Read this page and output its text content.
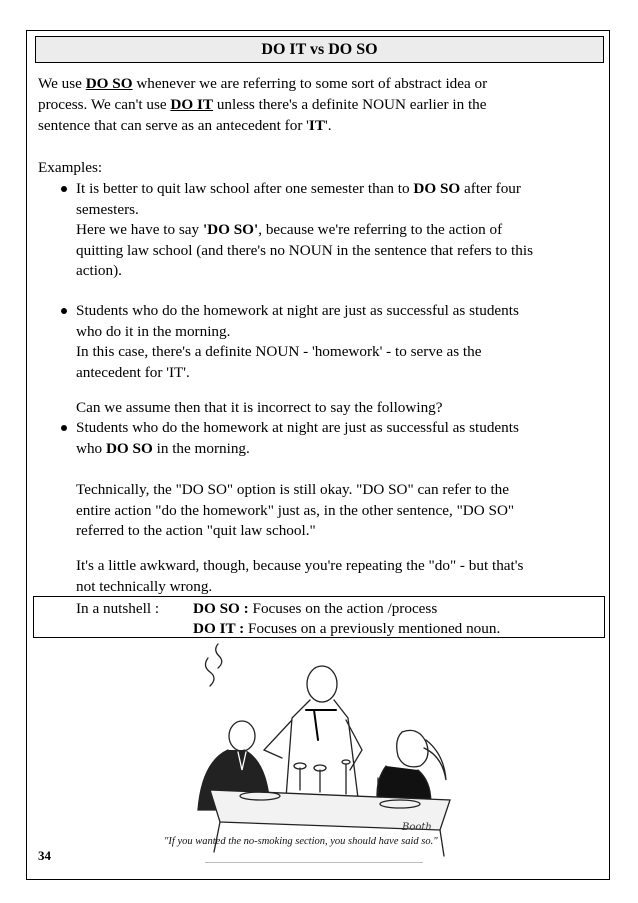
DO IT vs DO SO
We use DO SO whenever we are referring to some sort of abstract idea or
process. We can't use DO IT unless there's a definite NOUN earlier in the
sentence that can serve as an antecedent for 'IT'.
Examples:
It is better to quit law school after one semester than to DO SO after four
semesters.
Here we have to say 'DO SO', because we're referring to the action of
quitting law school (and there's no NOUN in the sentence that refers to this
action).
Students who do the homework at night are just as successful as students
who do it in the morning.
In this case, there's a definite NOUN - 'homework' - to serve as the
antecedent for 'IT'.
Can we assume then that it is incorrect to say the following?
Students who do the homework at night are just as successful as students
who DO SO in the morning.
Technically, the "DO SO" option is still okay. "DO SO" can refer to the
entire action "do the homework" just as, in the other sentence, "DO SO"
referred to the action "quit law school."
It's a little awkward, though, because you're repeating the "do" - but that's
not technically wrong.
In a nutshell : DO SO : Focuses on the action /process
DO IT : Focuses on a previously mentioned noun.
Booth
"If you wanted the no-smoking section, you should have said so."
34
